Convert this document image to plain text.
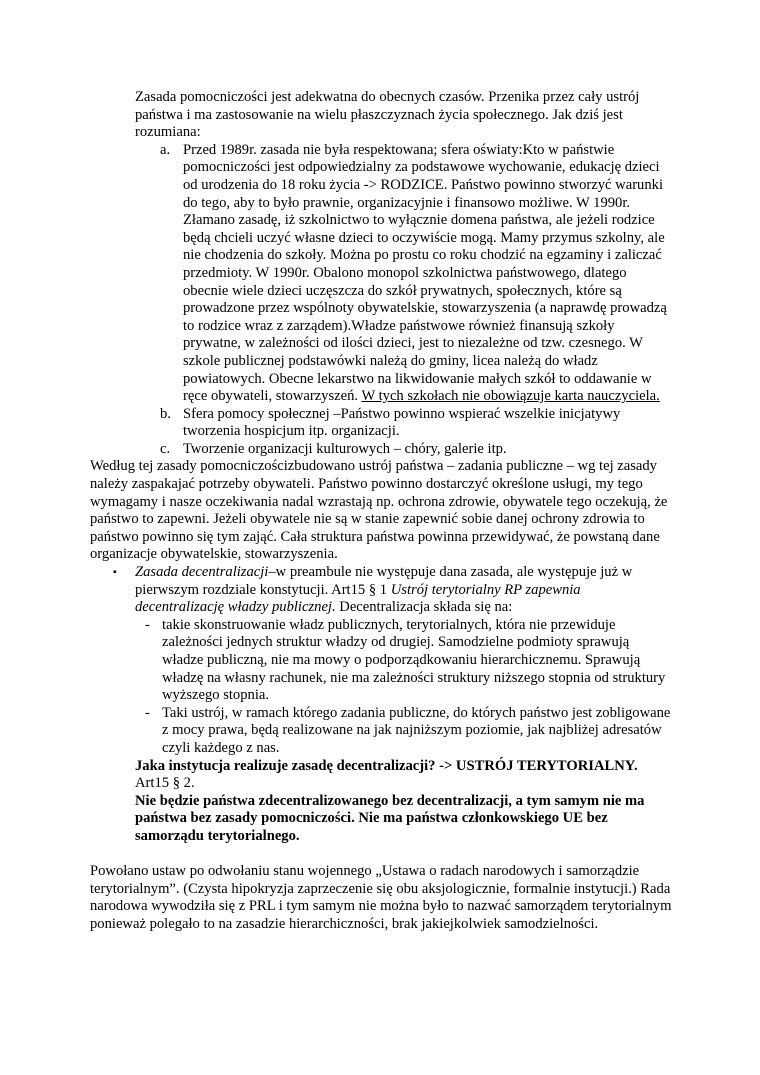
Zasada pomocniczości jest adekwatna do obecnych czasów. Przenika przez cały ustrój państwa i ma zastosowanie na wielu płaszczyznach życia społecznego. Jak dziś jest rozumiana:

a. Przed 1989r. zasada nie była respektowana; sfera oświaty:Kto w państwie pomocniczości jest odpowiedzialny za podstawowe wychowanie, edukację dzieci od urodzenia do 18 roku życia -> RODZICE. Państwo powinno stworzyć warunki do tego, aby to było prawnie, organizacyjnie i finansowo możliwe. W 1990r. Złamano zasadę, iż szkolnictwo to wyłącznie domena państwa, ale jeżeli rodzice będą chcieli uczyć własne dzieci to oczywiście mogą. Mamy przymus szkolny, ale nie chodzenia do szkoły. Można po prostu co roku chodzić na egzaminy i zaliczać przedmioty. W 1990r. Obalono monopol szkolnictwa państwowego, dlatego obecnie wiele dzieci uczęszcza do szkół prywatnych, społecznych, które są prowadzone przez wspólnoty obywatelskie, stowarzyszenia (a naprawdę prowadzą to rodzice wraz z zarządem).Władze państwowe również finansują szkoły prywatne, w zależności od ilości dzieci, jest to niezależne od tzw. czesnego. W szkole publicznej podstawówki należą do gminy, licea należą do władz powiatowych. Obecne lekarstwo na likwidowanie małych szkół to oddawanie w ręce obywateli, stowarzyszeń. W tych szkołach nie obowiązuje karta nauczyciela.
b. Sfera pomocy społecznej –Państwo powinno wspierać wszelkie inicjatywy tworzenia hospicjum itp. organizacji.
c. Tworzenie organizacji kulturowych – chóry, galerie itp.

Według tej zasady pomocniczościzbudowano ustrój państwa – zadania publiczne – wg tej zasady należy zaspakajać potrzeby obywateli. Państwo powinno dostarczyć określone usługi, my tego wymagamy i nasze oczekiwania nadal wzrastają np. ochrona zdrowie, obywatele tego oczekują, że państwo to zapewni. Jeżeli obywatele nie są w stanie zapewnić sobie danej ochrony zdrowia to państwo powinno się tym zająć. Cała struktura państwa powinna przewidywać, że powstaną dane organizacje obywatelskie, stowarzyszenia.

▪ Zasada decentralizacji–w preambule nie występuje dana zasada, ale występuje już w pierwszym rozdziale konstytucji. Art15 § 1 Ustrój terytorialny RP zapewnia decentralizację władzy publicznej. Decentralizacja składa się na:
- takie skonstruowanie władz publicznych, terytorialnych, która nie przewiduje zależności jednych struktur władzy od drugiej. Samodzielne podmioty sprawują władze publiczną, nie ma mowy o podporządkowaniu hierarchicznemu. Sprawują władzę na własny rachunek, nie ma zależności struktury niższego stopnia od struktury wyższego stopnia.
- Taki ustrój, w ramach którego zadania publiczne, do których państwo jest zobligowane z mocy prawa, będą realizowane na jak najniższym poziomie, jak najbliżej adresatów czyli każdego z nas.

Jaka instytucja realizuje zasadę decentralizacji? -> USTRÓJ TERYTORIALNY. Art15 § 2.

Nie będzie państwa zdecentralizowanego bez decentralizacji, a tym samym nie ma państwa bez zasady pomocniczości. Nie ma państwa członkowskiego UE bez samorządu terytorialnego.

Powołano ustaw po odwołaniu stanu wojennego „Ustawa o radach narodowych i samorządzie terytorialnym”. (Czysta hipokryzja zaprzeczenie się obu aksjologicznie, formalnie instytucji.) Rada narodowa wywodziła się z PRL i tym samym nie można było to nazwać samorządem terytorialnym ponieważ polegało to na zasadzie hierarchiczności, brak jakiejkolwiek samodzielności.
